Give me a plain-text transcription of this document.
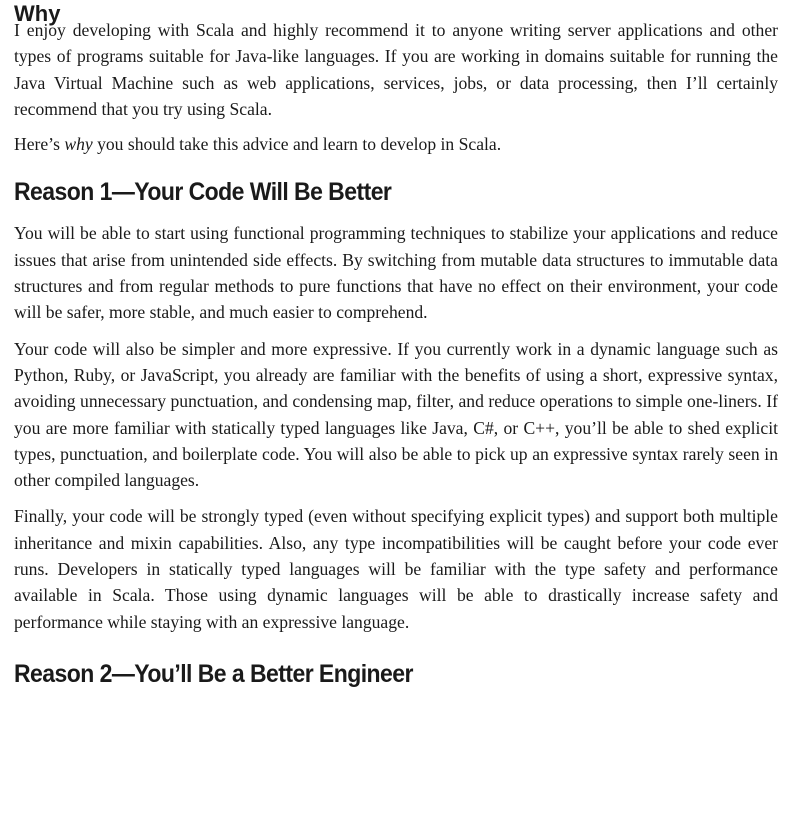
Why

I enjoy developing with Scala and highly recommend it to anyone writing server applications and other types of programs suitable for Java-like languages. If you are working in domains suitable for running the Java Virtual Machine such as web applications, services, jobs, or data processing, then I’ll certainly recommend that you try using Scala.

Here’s why you should take this advice and learn to develop in Scala.

Reason 1—Your Code Will Be Better

You will be able to start using functional programming techniques to stabilize your applications and reduce issues that arise from unintended side effects. By switching from mutable data structures to immutable data structures and from regular methods to pure functions that have no effect on their environment, your code will be safer, more stable, and much easier to comprehend.

Your code will also be simpler and more expressive. If you currently work in a dynamic language such as Python, Ruby, or JavaScript, you already are familiar with the benefits of using a short, expressive syntax, avoiding unnecessary punctuation, and condensing map, filter, and reduce operations to simple one-liners. If you are more familiar with statically typed languages like Java, C#, or C++, you’ll be able to shed explicit types, punctuation, and boilerplate code. You will also be able to pick up an expressive syntax rarely seen in other compiled languages.

Finally, your code will be strongly typed (even without specifying explicit types) and support both multiple inheritance and mixin capabilities. Also, any type incompatibilities will be caught before your code ever runs. Developers in statically typed languages will be familiar with the type safety and performance available in Scala. Those using dynamic languages will be able to drastically increase safety and performance while staying with an expressive language.

Reason 2—You’ll Be a Better Engineer
